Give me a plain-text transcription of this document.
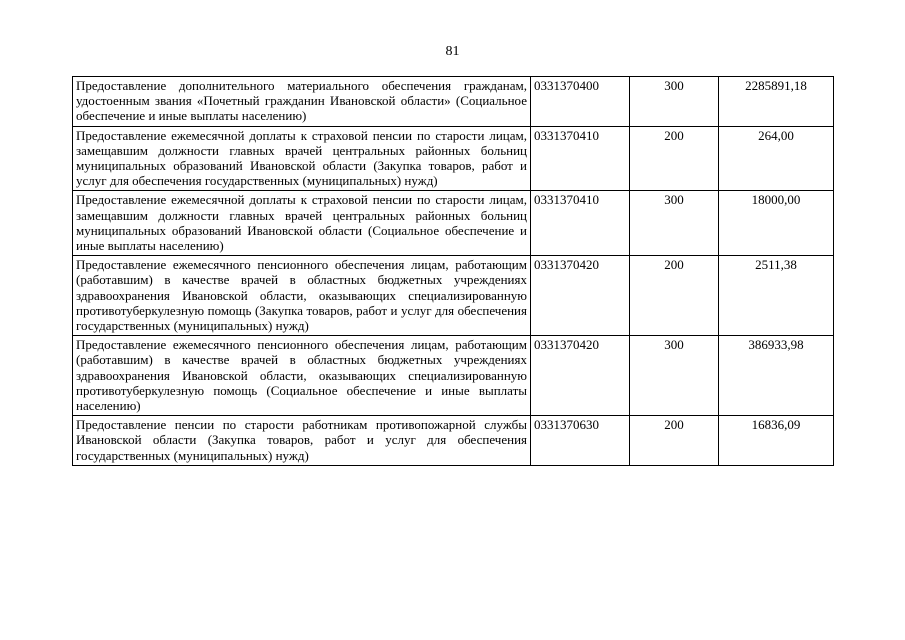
81
Предоставление дополнительного материального обеспечения гражданам, удостоенным звания «Почетный гражданин Ивановской области» (Социальное обеспечение и иные выплаты населению)	0331370400	300	2285891,18
Предоставление ежемесячной доплаты к страховой пенсии по старости лицам, замещавшим должности главных врачей центральных районных больниц муниципальных образований Ивановской области (Закупка товаров, работ и услуг для обеспечения государственных (муниципальных) нужд)	0331370410	200	264,00
Предоставление ежемесячной доплаты к страховой пенсии по старости лицам, замещавшим должности главных врачей центральных районных больниц муниципальных образований Ивановской области (Социальное обеспечение и иные выплаты населению)	0331370410	300	18000,00
Предоставление ежемесячного пенсионного обеспечения лицам, работающим (работавшим) в качестве врачей в областных бюджетных учреждениях здравоохранения Ивановской области, оказывающих специализированную противотуберкулезную помощь (Закупка товаров, работ и услуг для обеспечения государственных (муниципальных) нужд)	0331370420	200	2511,38
Предоставление ежемесячного пенсионного обеспечения лицам, работающим (работавшим) в качестве врачей в областных бюджетных учреждениях здравоохранения Ивановской области, оказывающих специализированную противотуберкулезную помощь (Социальное обеспечение и иные выплаты населению)	0331370420	300	386933,98
Предоставление пенсии по старости работникам противопожарной службы Ивановской области (Закупка товаров, работ и услуг для обеспечения государственных (муниципальных) нужд)	0331370630	200	16836,09
